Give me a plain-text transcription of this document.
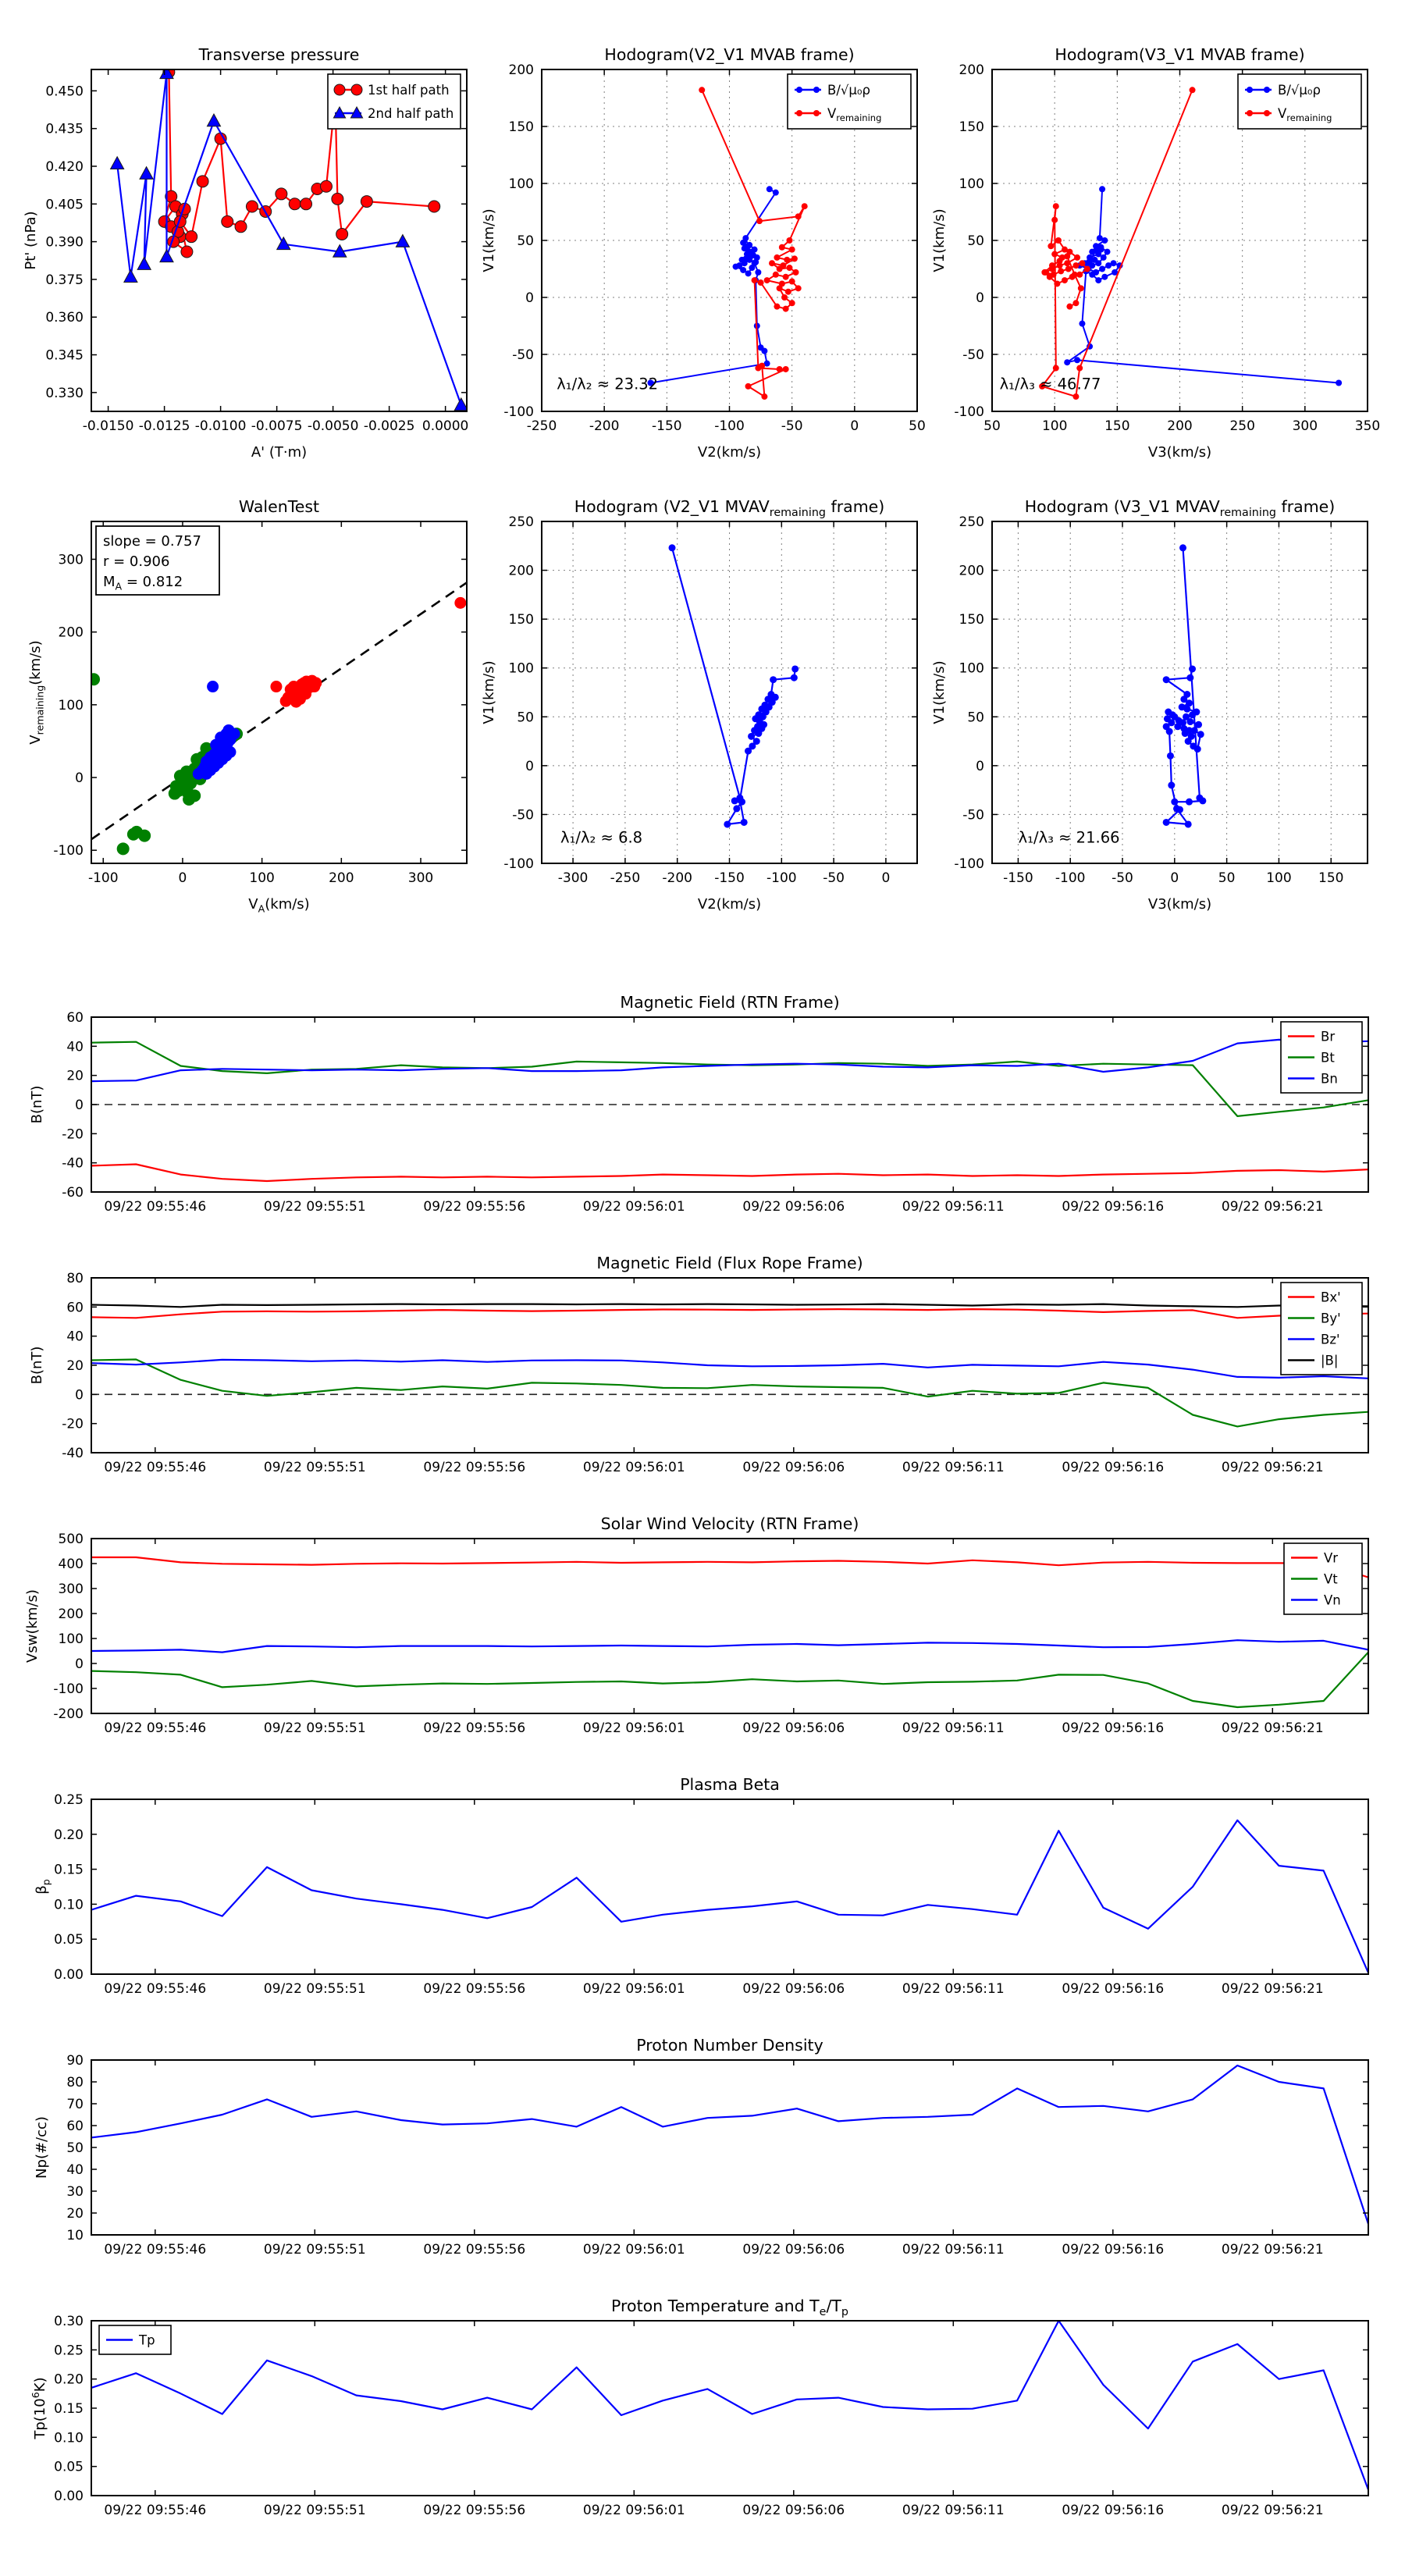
-0.0150 -0.0125 -0.0100 -0.0075 -0.0050 -0.0025 0.0000
0.330
0.345
0.360
0.375
0.390
0.405
0.420
0.435
0.450
Transverse pressure
A' (T·m)
Pt' (nPa)
1st half path
2nd half path
-250 -200 -150 -100	-50	0	50
-100
-50
0
50
100
150
200
Hodogram(V2_V1 MVAB frame)
V2(km/s)
V1(km/s)
B/√μ₀ρ
$V_{remaining}$
λ₁/λ₂ ≈ 23.32
50	100	150	200	250	300	350
-100
-50
0
50
100
150
200
Hodogram(V3_V1 MVAB frame)
V3(km/s)
V1(km/s)
B/√μ₀ρ
$V_{remaining}$
λ₁/λ₃ ≈ 46.77
-100	0	100	200	300
-100
0
100
200
300
WalenTest
$V_A(km/s)$
$V_{remaining}(km/s)$
slope = 0.757
r = 0.906
$M_A = 0.812$
-300 -250 -200 -150 -100 -50	0
-100
-50
0
50
100
150
200
250
Hodogram (V2_V1 $MVAV_{remaining}$ frame)
V2(km/s)
V1(km/s)
λ₁/λ₂ ≈ 6.8
-150 -100 -50	0	50 100 150
-100
-50
0
50
100
150
200
250
Hodogram (V3_V1 $MVAV_{remaining}$ frame)
V3(km/s)
V1(km/s)
λ₁/λ₃ ≈ 21.66
09/22 09:55:46	09/22 09:55:51	09/22 09:55:56	09/22 09:56:01	09/22 09:56:06	09/22 09:56:11	09/22 09:56:16	09/22 09:56:21
-60
-40
-20
0
20
40
60
Magnetic Field (RTN Frame)
B(nT)
Br
Bt
Bn
09/22 09:55:46	09/22 09:55:51	09/22 09:55:56	09/22 09:56:01	09/22 09:56:06	09/22 09:56:11	09/22 09:56:16	09/22 09:56:21
-40
-20
0
20
40
60
80
Magnetic Field (Flux Rope Frame)
B(nT)
Bx'
By'
Bz'
|B|
09/22 09:55:46	09/22 09:55:51	09/22 09:55:56	09/22 09:56:01	09/22 09:56:06	09/22 09:56:11	09/22 09:56:16	09/22 09:56:21
-200
-100
0
100
200
300
400
500
Solar Wind Velocity (RTN Frame)
Vsw(km/s)
Vr
Vt
Vn
09/22 09:55:46	09/22 09:55:51	09/22 09:55:56	09/22 09:56:01	09/22 09:56:06	09/22 09:56:11	09/22 09:56:16	09/22 09:56:21
0.00
0.05
0.10
0.15
0.20
0.25
Plasma Beta
$\beta_p$
09/22 09:55:46	09/22 09:55:51	09/22 09:55:56	09/22 09:56:01	09/22 09:56:06	09/22 09:56:11	09/22 09:56:16	09/22 09:56:21
10
20
30
40
50
60
70
80
90
Proton Number Density
Np(#/cc)
09/22 09:55:46	09/22 09:55:51	09/22 09:55:56	09/22 09:56:01	09/22 09:56:06	09/22 09:56:11	09/22 09:56:16	09/22 09:56:21
0.00
0.05
0.10
0.15
0.20
0.25
0.30
Proton Temperature and $T_e/T_p$
$Tp(10^6K)$
Tp
